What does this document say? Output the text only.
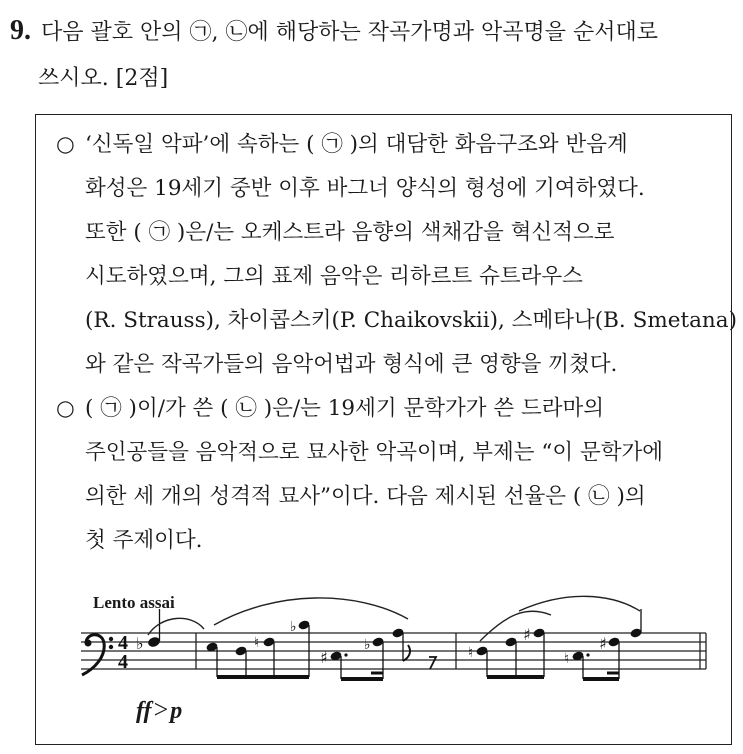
9. 다음 괄호 안의 ㉠, ㉡에 해당하는 작곡가명과 악곡명을 순서대로
쓰시오. [2점]
○ ‘신독일 악파’에 속하는 ( ㉠ )의 대담한 화음구조와 반음계
화성은 19세기 중반 이후 바그너 양식의 형성에 기여하였다.
또한 ( ㉠ )은/는 오케스트라 음향의 색채감을 혁신적으로
시도하였으며, 그의 표제 음악은 리하르트 슈트라우스
(R. Strauss), 차이콥스키(P. Chaikovskii), 스메타나(B. Smetana)
와 같은 작곡가들의 음악어법과 형식에 큰 영향을 끼쳤다.
○ ( ㉠ )이/가 쓴 ( ㉡ )은/는 19세기 문학가가 쓴 드라마의
주인공들을 음악적으로 묘사한 악곡이며, 부제는 “이 문학가에
의한 세 개의 성격적 묘사”이다. 다음 제시된 선율은 ( ㉡ )의
첫 주제이다.
Lento assai
4
4
♭	♮
♭
♯
♭	♮
♯
♮
♯
ff>p
